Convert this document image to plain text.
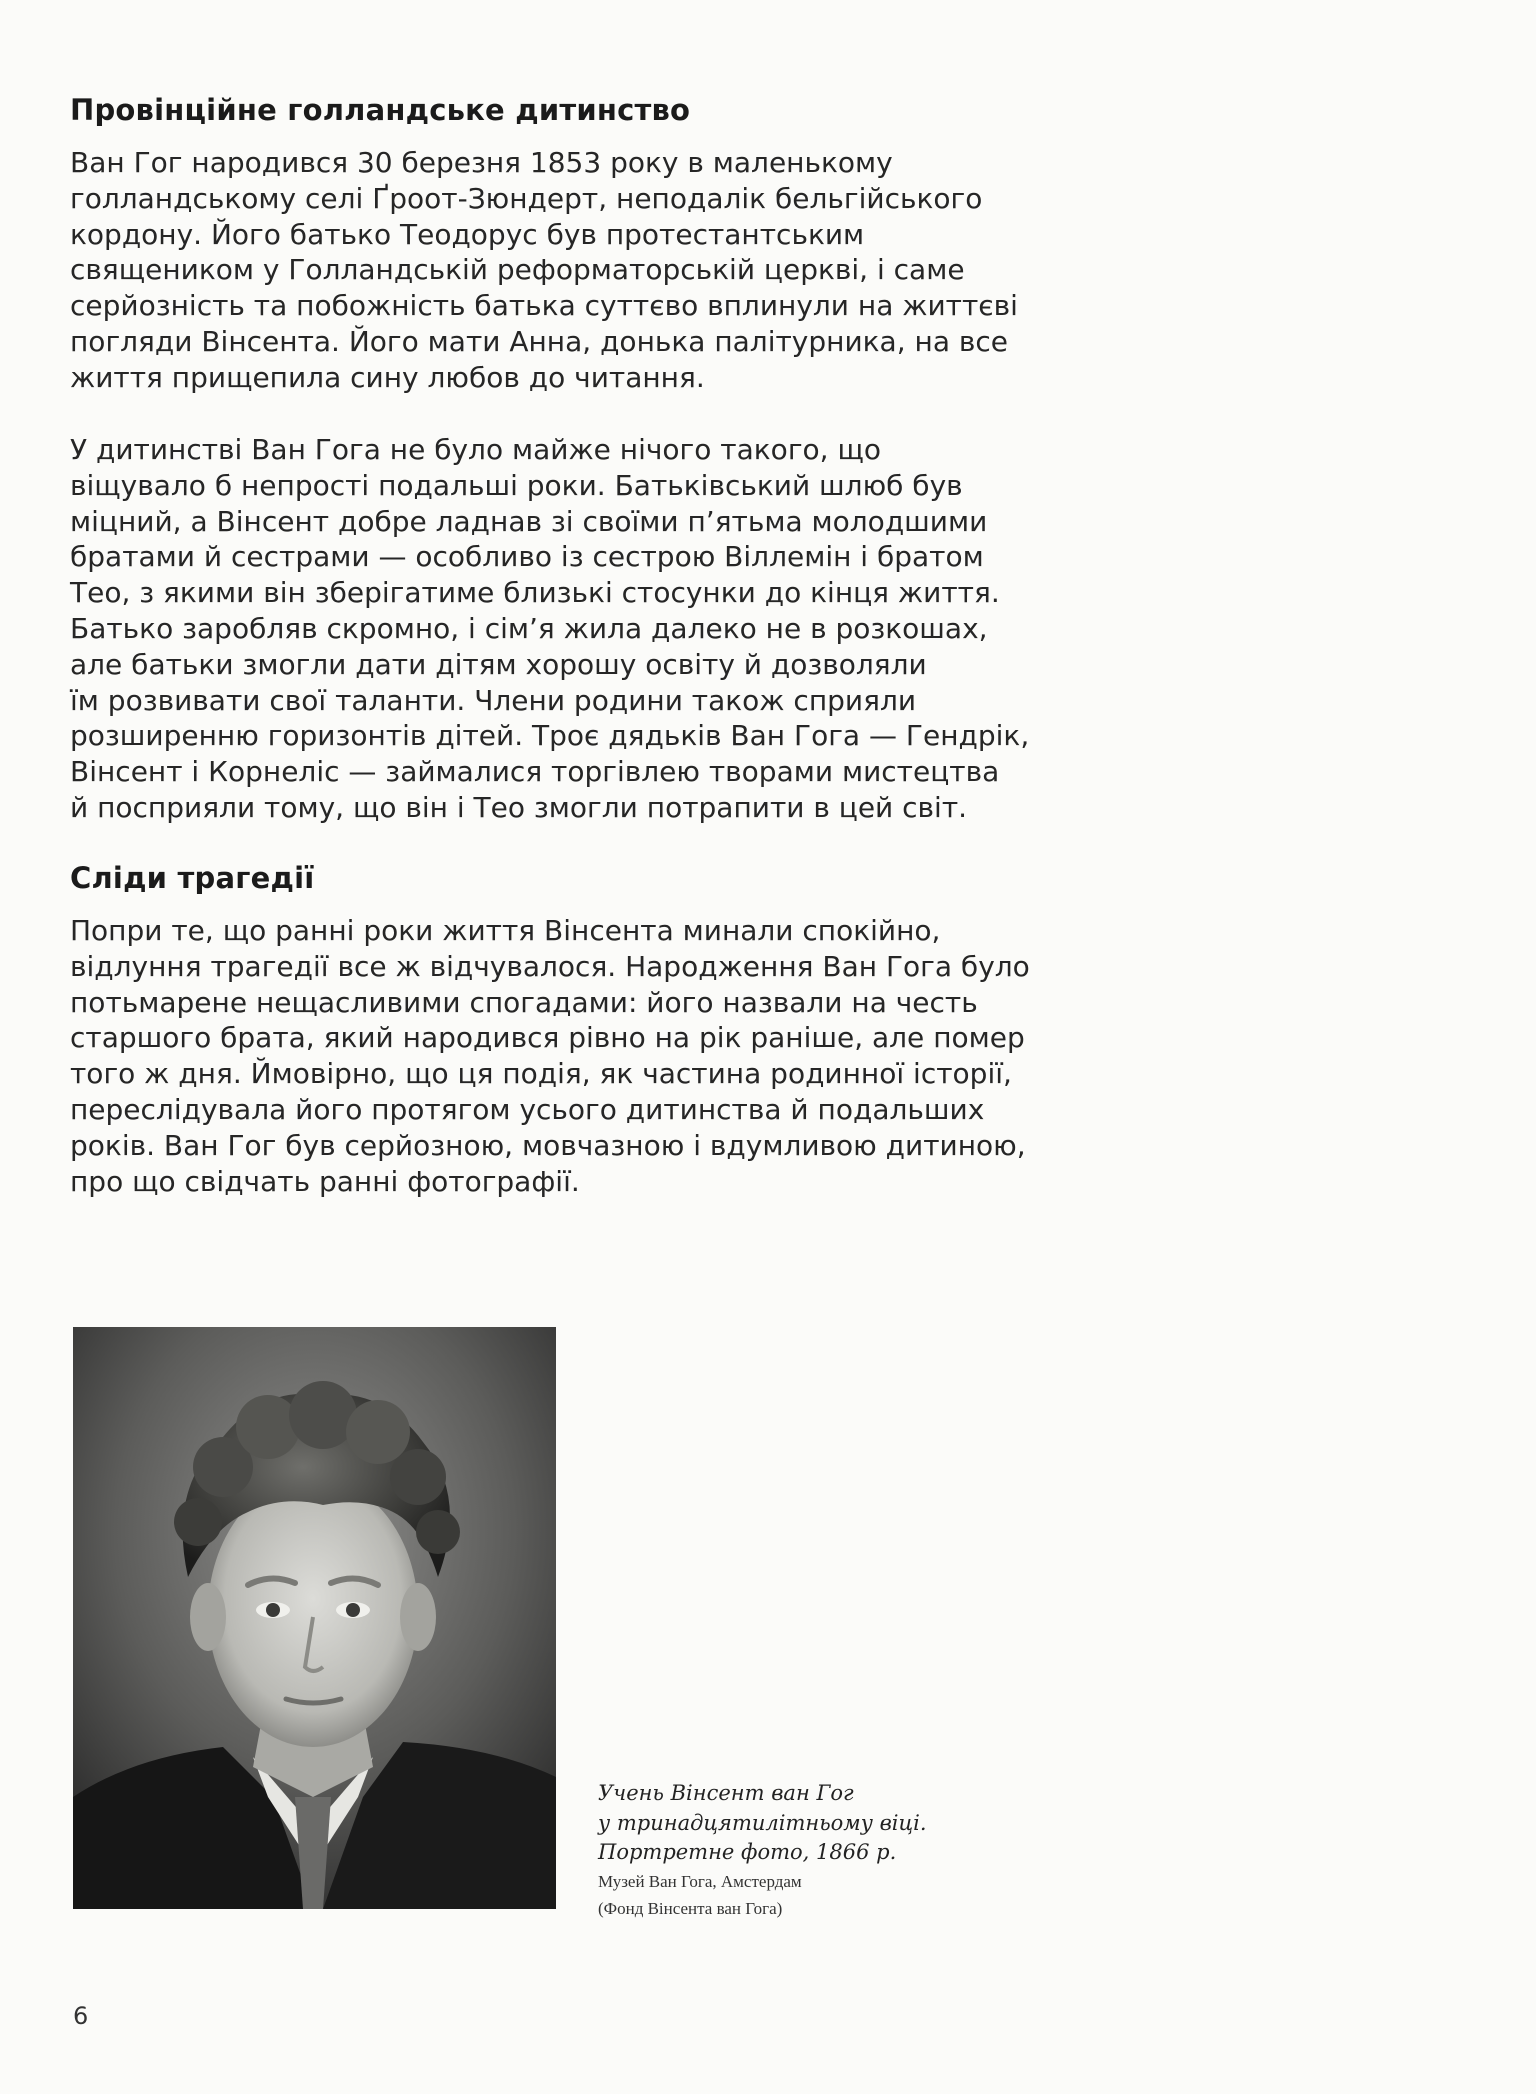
Провінційне голландське дитинство

Ван Гог народився 30 березня 1853 року в маленькому
голландському селі Ґроот-Зюндерт, неподалік бельгійського
кордону. Його батько Теодорус був протестантським
священиком у Голландській реформаторській церкві, і саме
серйозність та побожність батька суттєво вплинули на життєві
погляди Вінсента. Його мати Анна, донька палітурника, на все
життя прищепила сину любов до читання.

У дитинстві Ван Гога не було майже нічого такого, що
віщувало б непрості подальші роки. Батьківський шлюб був
міцний, а Вінсент добре ладнав зі своїми п’ятьма молодшими
братами й сестрами — особливо із сестрою Віллемін і братом
Тео, з якими він зберігатиме близькі стосунки до кінця життя.
Батько заробляв скромно, і сім’я жила далеко не в розкошах,
але батьки змогли дати дітям хорошу освіту й дозволяли
їм розвивати свої таланти. Члени родини також сприяли
розширенню горизонтів дітей. Троє дядьків Ван Гога — Гендрік,
Вінсент і Корнеліс — займалися торгівлею творами мистецтва
й посприяли тому, що він і Тео змогли потрапити в цей світ.

Сліди трагедії

Попри те, що ранні роки життя Вінсента минали спокійно,
відлуння трагедії все ж відчувалося. Народження Ван Гога було
потьмарене нещасливими спогадами: його назвали на честь
старшого брата, який народився рівно на рік раніше, але помер
того ж дня. Ймовірно, що ця подія, як частина родинної історії,
переслідувала його протягом усього дитинства й подальших
років. Ван Гог був серйозною, мовчазною і вдумливою дитиною,
про що свідчать ранні фотографії.

Учень Вінсент ван Гог
у тринадцятилітньому віці.
Портретне фото, 1866 р.
Музей Ван Гога, Амстердам
(Фонд Вінсента ван Гога)
6
